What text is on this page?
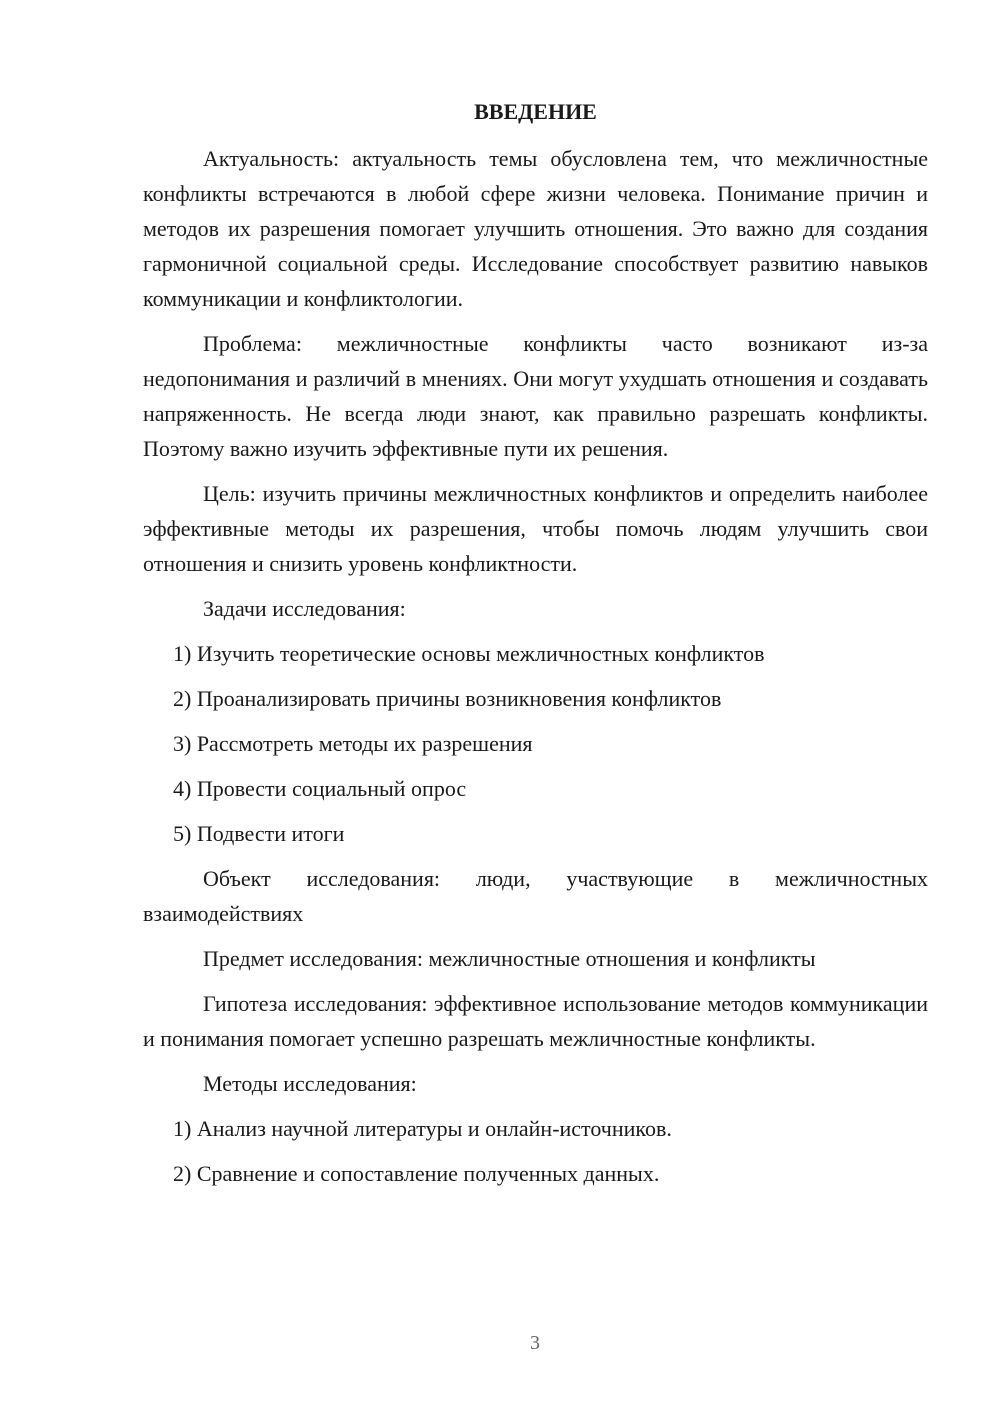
ВВЕДЕНИЕ

Актуальность: актуальность темы обусловлена тем, что межличностные конфликты встречаются в любой сфере жизни человека. Понимание причин и методов их разрешения помогает улучшить отношения. Это важно для создания гармоничной социальной среды. Исследование способствует развитию навыков коммуникации и конфликтологии.

Проблема: межличностные конфликты часто возникают из-за недопонимания и различий в мнениях. Они могут ухудшать отношения и создавать напряженность. Не всегда люди знают, как правильно разрешать конфликты. Поэтому важно изучить эффективные пути их решения.

Цель: изучить причины межличностных конфликтов и определить наиболее эффективные методы их разрешения, чтобы помочь людям улучшить свои отношения и снизить уровень конфликтности.

Задачи исследования:

1) Изучить теоретические основы межличностных конфликтов
2) Проанализировать причины возникновения конфликтов
3) Рассмотреть методы их разрешения
4) Провести социальный опрос
5) Подвести итоги

Объект исследования: люди, участвующие в межличностных взаимодействиях

Предмет исследования: межличностные отношения и конфликты

Гипотеза исследования: эффективное использование методов коммуникации и понимания помогает успешно разрешать межличностные конфликты.

Методы исследования:

1) Анализ научной литературы и онлайн-источников.
2) Сравнение и сопоставление полученных данных.
3
